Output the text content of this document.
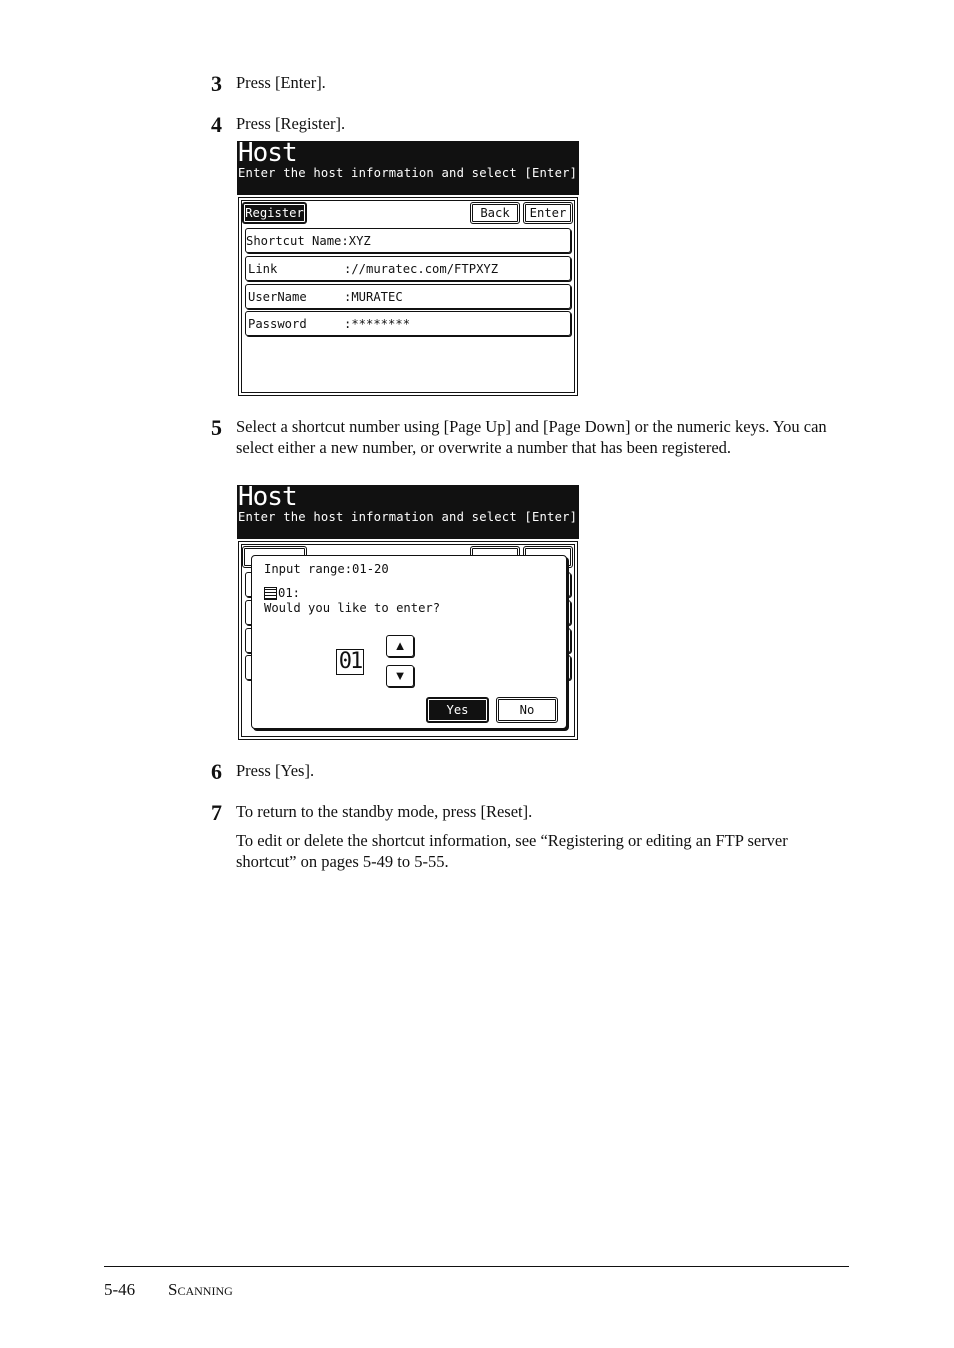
3 Press [Enter].
4 Press [Register].
Host
Enter the host information and select [Enter]
Register	Back	Enter
Shortcut Name: XYZ
Link	://muratec.com/FTPXYZ
UserName	:MURATEC
Password	:********
5 Select a shortcut number using [Page Up] and [Page Down] or the numeric keys. You can select either a new number, or overwrite a number that has been registered.
Host
Enter the host information and select [Enter]
Input range:01-20
01:
Would you like to enter?
01
▲
▼
Yes	No
6 Press [Yes].
7 To return to the standby mode, press [Reset].
To edit or delete the shortcut information, see “Registering or editing an FTP server shortcut” on pages 5-49 to 5-55.
5-46 Scanning
